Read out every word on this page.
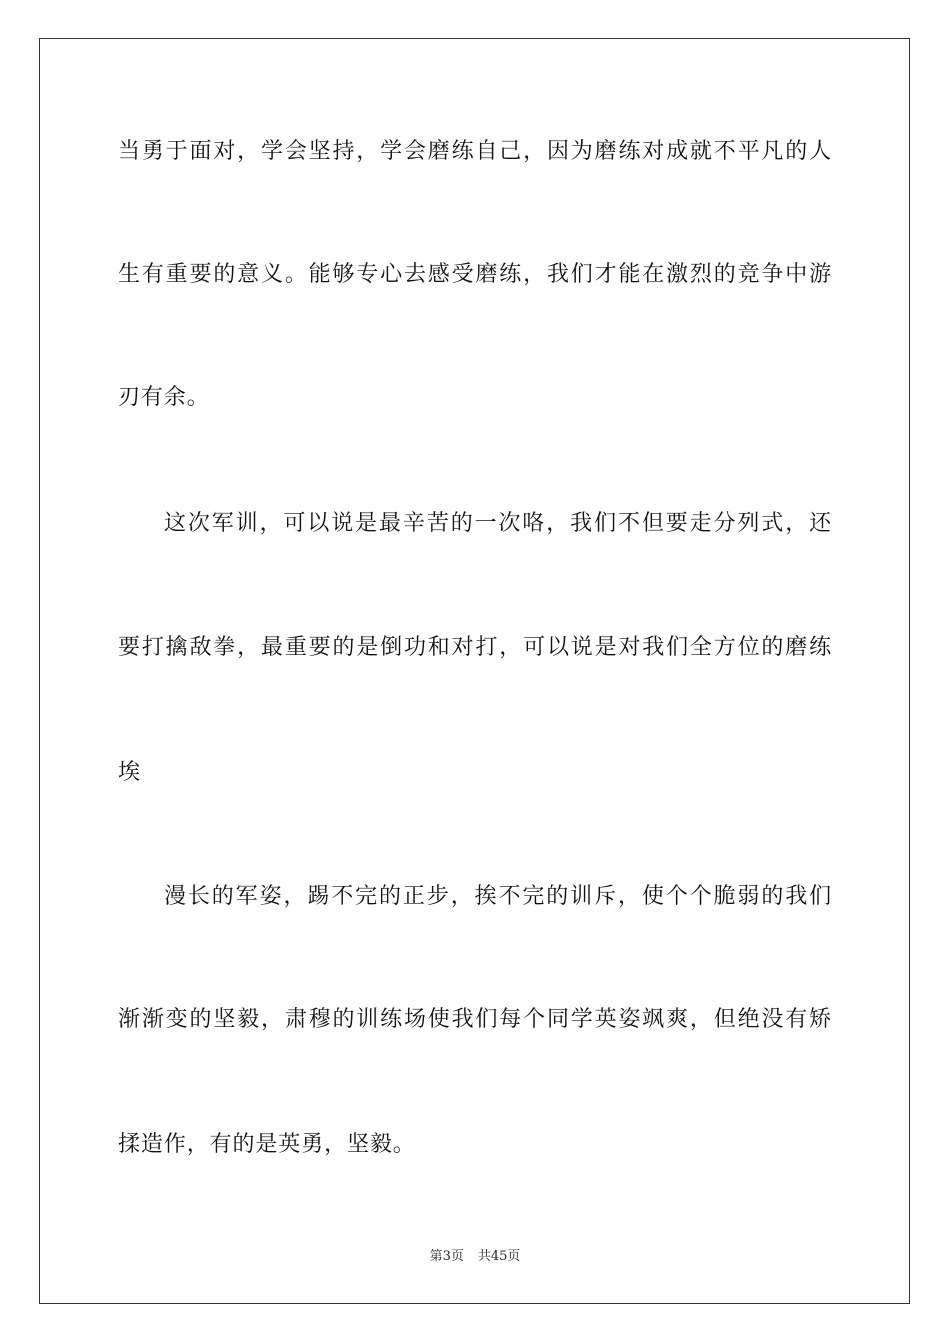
当勇于面对，学会坚持，学会磨练自己，因为磨练对成就不平凡的人
生有重要的意义。能够专心去感受磨练，我们才能在激烈的竞争中游
刃有余。
这次军训，可以说是最辛苦的一次咯，我们不但要走分列式，还
要打擒敌拳，最重要的是倒功和对打，可以说是对我们全方位的磨练
埃
漫长的军姿，踢不完的正步，挨不完的训斥，使个个脆弱的我们
渐渐变的坚毅，肃穆的训练场使我们每个同学英姿飒爽，但绝没有矫
揉造作，有的是英勇，坚毅。
第3页 共45页
